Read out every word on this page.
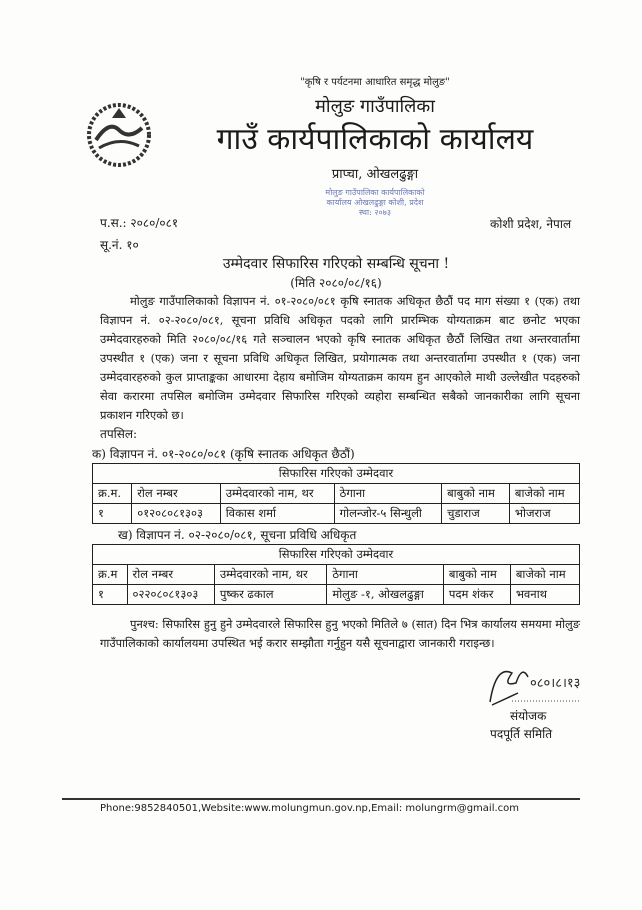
"कृषि र पर्यटनमा आधारित समृद्ध मोलुङ"
मोलुङ गाउँपालिका
गाउँ कार्यपालिकाको कार्यालय
प्राप्चा, ओखलढुङ्गा
मोलुङ गाउँपालिका कार्यपालिकाको कार्यालय ओखलढुङ्गा कोशी, प्रदेश स्था: २०७३
प.स.: २०८०/०८१
सू.नं. १०
कोशी प्रदेश, नेपाल
उम्मेदवार सिफारिस गरिएको सम्बन्धि सूचना !
(मिति २०८०/०८/१६)
मोलुङ गाउँपालिकाको विज्ञापन नं. ०१-२०८०/०८१ कृषि स्नातक अधिकृत छैठौं पद माग संख्या १ (एक) तथा विज्ञापन नं. ०२-२०८०/०८१, सूचना प्रविधि अधिकृत पदको लागि प्रारम्भिक योग्यताक्रम बाट छनोट भएका उम्मेदवारहरुको मिति २०८०/०८/१६ गते सञ्चालन भएको कृषि स्नातक अधिकृत छैठौं लिखित तथा अन्तरवार्तामा उपस्थीत १ (एक) जना र सूचना प्रविधि अधिकृत लिखित, प्रयोगात्मक तथा अन्तरवार्तामा उपस्थीत १ (एक) जना उम्मेदवारहरुको कुल प्राप्ताङ्कका आधारमा देहाय बमोजिम योग्यताक्रम कायम हुन आएकोले माथी उल्लेखीत पदहरुको सेवा करारमा तपसिल बमोजिम उम्मेदवार सिफारिस गरिएको व्यहोरा सम्बन्धित सबैको जानकारीका लागि सूचना प्रकाशन गरिएको छ।
तपसिल:
क) विज्ञापन नं. ०१-२०८०/०८१ (कृषि स्नातक अधिकृत छैठौं)
सिफारिस गरिएको उम्मेदवार					
क्र.म.	रोल नम्बर	उम्मेदवारको नाम, थर	ठेगाना	बाबुको नाम	बाजेको नाम
१	०१२०८०८१३०३	विकास शर्मा	गोलन्जोर-५ सिन्धुली	चुडाराज	भोजराज
ख) विज्ञापन नं. ०२-२०८०/०८१, सूचना प्रविधि अधिकृत
सिफारिस गरिएको उम्मेदवार					
क्र.म	रोल नम्बर	उम्मेदवारको नाम, थर	ठेगाना	बाबुको नाम	बाजेको नाम
१	०२२०८०८१३०३	पुष्कर ढकाल	मोलुङ -१, ओखलढुङ्गा	पदम शंकर	भवनाथ
पुनश्च: सिफारिस हुनु हुने उम्मेदवारले सिफारिस हुनु भएको मितिले ७ (सात) दिन भित्र कार्यालय समयमा मोलुङ गाउँपालिकाको कार्यालयमा उपस्थित भई करार सम्झौता गर्नुहुन यसै सूचनाद्वारा जानकारी गराइन्छ।
०८०।८।१३
संयोजक
पदपूर्ति समिति
Phone:9852840501,Website:www.molungmun.gov.np,Email: molungrm@gmail.com
